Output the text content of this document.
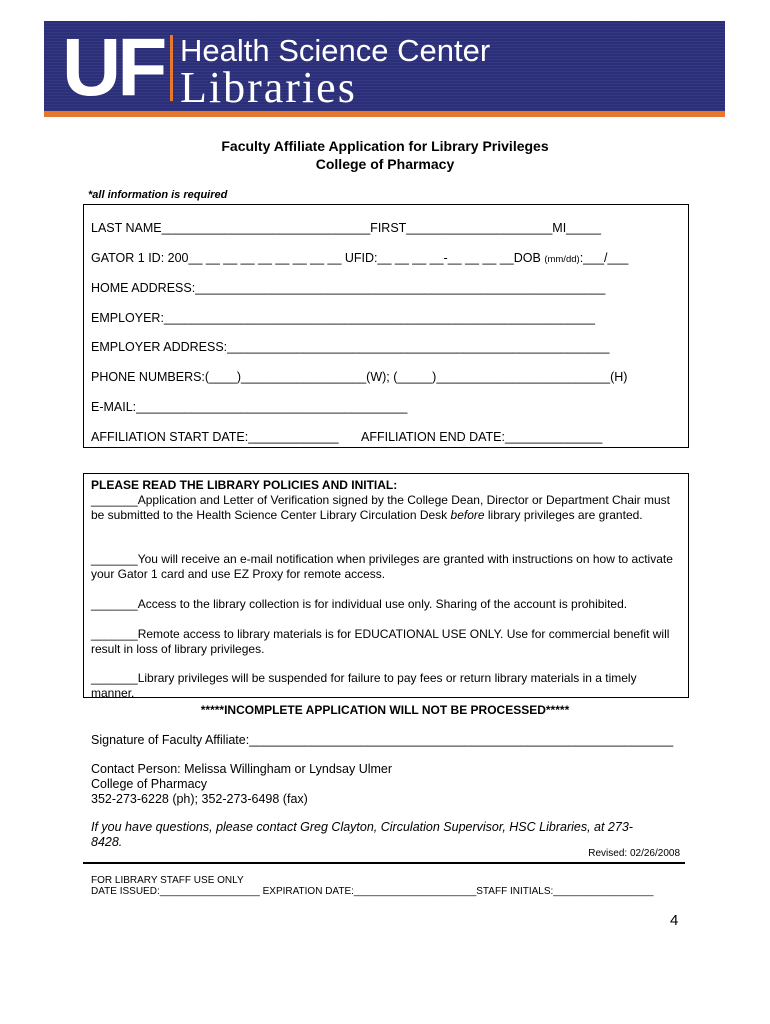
UF Health Science Center
Libraries
Faculty Affiliate Application for Library Privileges
College of Pharmacy
*all information is required
LAST NAME______________________________FIRST_____________________MI_____
GATOR 1 ID: 200__ __ __ __ __ __ __ __ __ UFID:__ __ __ __-__ __ __ __DOB (mm/dd):___/___
HOME ADDRESS:___________________________________________________________
EMPLOYER:______________________________________________________________
EMPLOYER ADDRESS:_______________________________________________________
PHONE NUMBERS:(____)__________________(W); (_____)_________________________(H)
E-MAIL:_______________________________________
AFFILIATION START DATE:_____________ AFFILIATION END DATE:______________
PLEASE READ THE LIBRARY POLICIES AND INITIAL:
_______Application and Letter of Verification signed by the College Dean, Director or Department Chair must be submitted to the Health Science Center Library Circulation Desk before library privileges are granted.
_______You will receive an e-mail notification when privileges are granted with instructions on how to activate your Gator 1 card and use EZ Proxy for remote access.
_______Access to the library collection is for individual use only. Sharing of the account is prohibited.
_______Remote access to library materials is for EDUCATIONAL USE ONLY. Use for commercial benefit will result in loss of library privileges.
_______Library privileges will be suspended for failure to pay fees or return library materials in a timely manner.
*****INCOMPLETE APPLICATION WILL NOT BE PROCESSED*****
Signature of Faculty Affiliate:_____________________________________________________________
Contact Person: Melissa Willingham or Lyndsay Ulmer
College of Pharmacy
352-273-6228 (ph); 352-273-6498 (fax)
If you have questions, please contact Greg Clayton, Circulation Supervisor, HSC Libraries, at 273-8428.
Revised: 02/26/2008
FOR LIBRARY STAFF USE ONLY
DATE ISSUED:__________________ EXPIRATION DATE:______________________STAFF INITIALS:__________________
4
